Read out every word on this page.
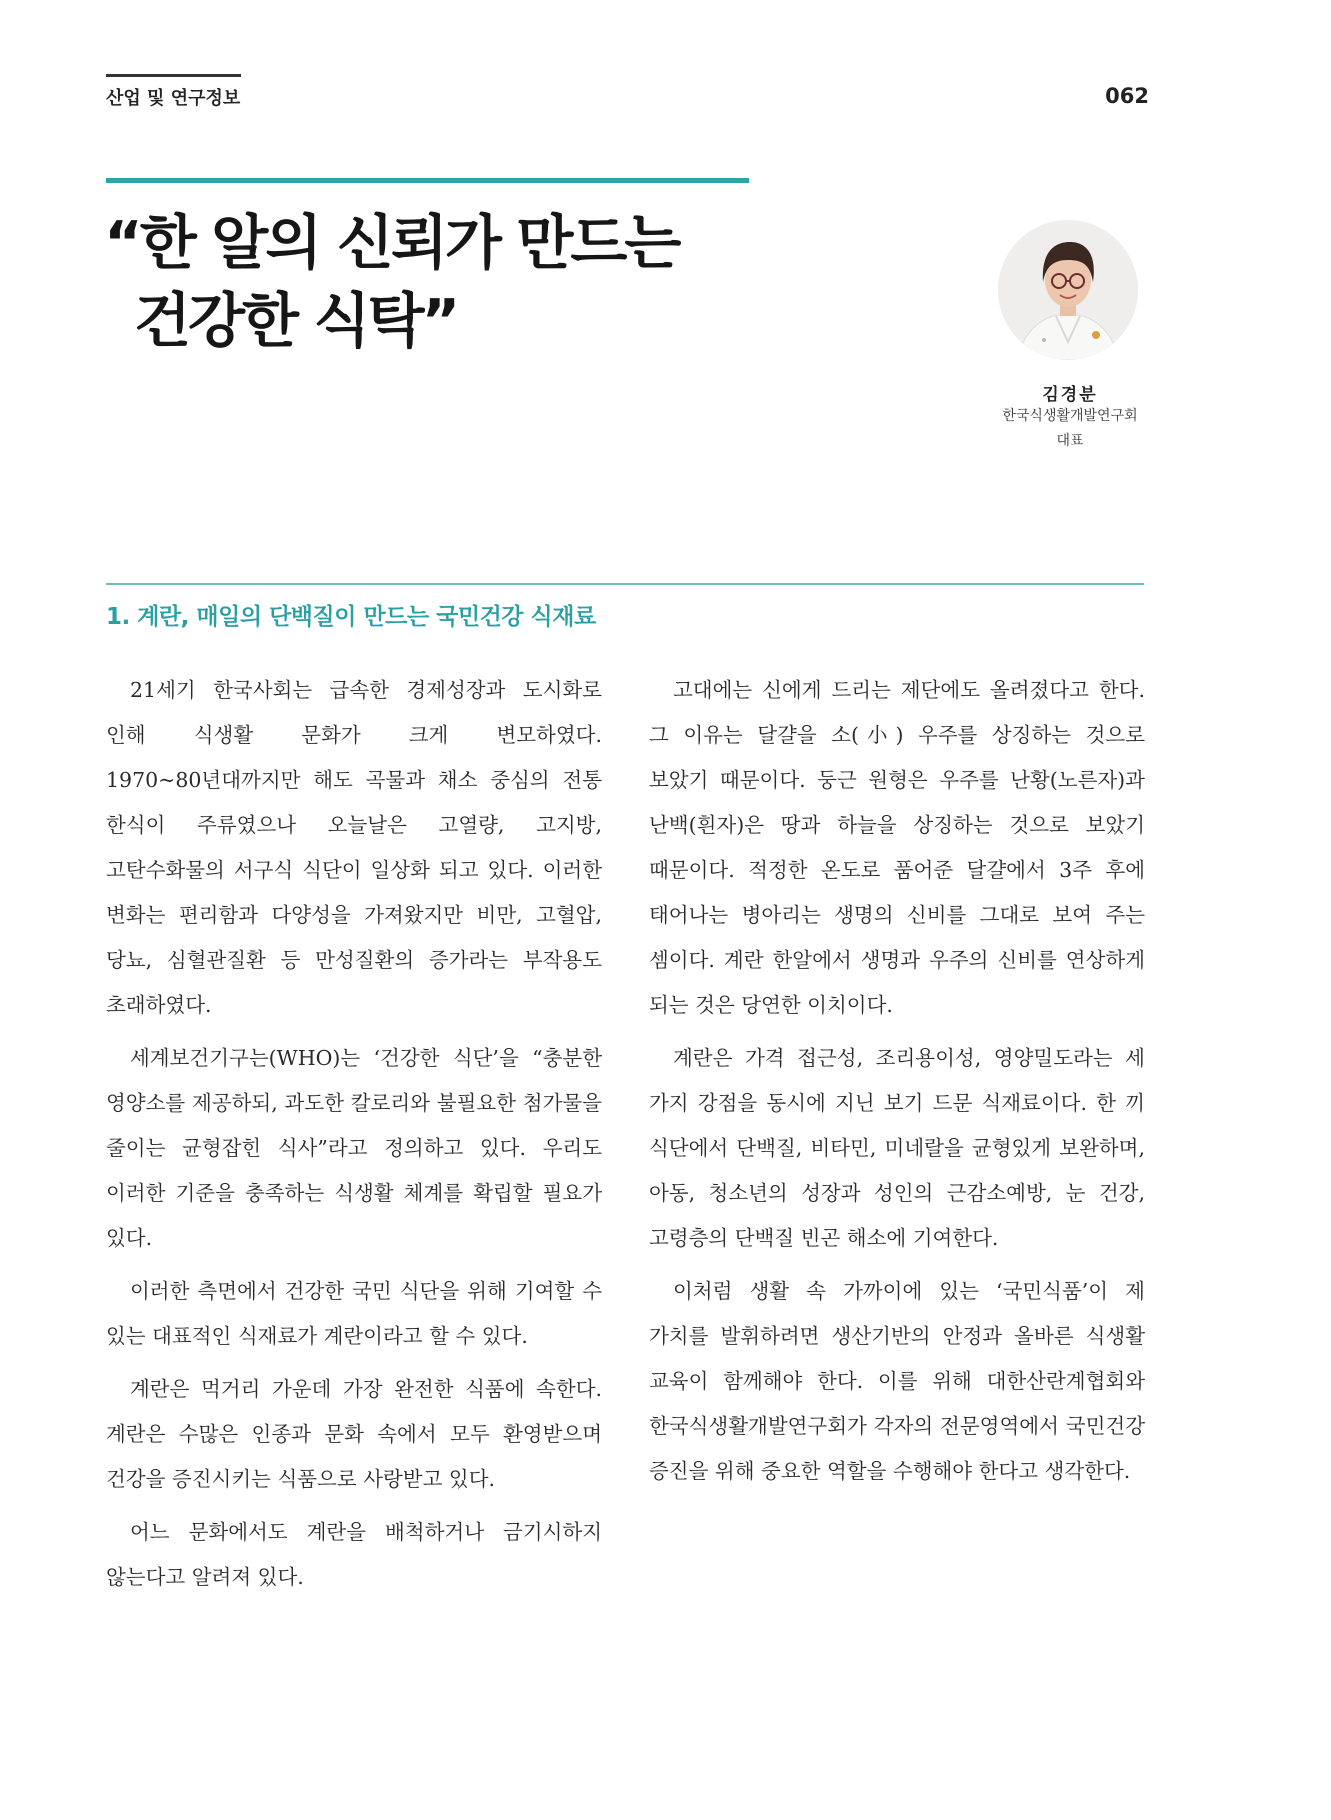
산업 및 연구정보	062
“한 알의 신뢰가 만드는
건강한 식탁”
김경분
한국식생활개발연구회
대표
1. 계란, 매일의 단백질이 만드는 국민건강 식재료

21세기 한국사회는 급속한 경제성장과 도시화로 인해 식생활 문화가 크게 변모하였다. 1970~80년대까지만 해도 곡물과 채소 중심의 전통 한식이 주류였으나 오늘날은 고열량, 고지방, 고탄수화물의 서구식 식단이 일상화 되고 있다. 이러한 변화는 편리함과 다양성을 가져왔지만 비만, 고혈압, 당뇨, 심혈관질환 등 만성질환의 증가라는 부작용도 초래하였다.

세계보건기구는(WHO)는 ‘건강한 식단’을 “충분한 영양소를 제공하되, 과도한 칼로리와 불필요한 첨가물을 줄이는 균형잡힌 식사”라고 정의하고 있다. 우리도 이러한 기준을 충족하는 식생활 체계를 확립할 필요가 있다.

이러한 측면에서 건강한 국민 식단을 위해 기여할 수 있는 대표적인 식재료가 계란이라고 할 수 있다.

계란은 먹거리 가운데 가장 완전한 식품에 속한다. 계란은 수많은 인종과 문화 속에서 모두 환영받으며 건강을 증진시키는 식품으로 사랑받고 있다.

어느 문화에서도 계란을 배척하거나 금기시하지 않는다고 알려져 있다.

고대에는 신에게 드리는 제단에도 올려졌다고 한다. 그 이유는 달걀을 소(小) 우주를 상징하는 것으로 보았기 때문이다. 둥근 원형은 우주를 난황(노른자)과 난백(흰자)은 땅과 하늘을 상징하는 것으로 보았기 때문이다. 적정한 온도로 품어준 달걀에서 3주 후에 태어나는 병아리는 생명의 신비를 그대로 보여 주는 셈이다. 계란 한알에서 생명과 우주의 신비를 연상하게 되는 것은 당연한 이치이다.

계란은 가격 접근성, 조리용이성, 영양밀도라는 세 가지 강점을 동시에 지닌 보기 드문 식재료이다. 한 끼 식단에서 단백질, 비타민, 미네랄을 균형있게 보완하며, 아동, 청소년의 성장과 성인의 근감소예방, 눈 건강, 고령층의 단백질 빈곤 해소에 기여한다.

이처럼 생활 속 가까이에 있는 ‘국민식품’이 제 가치를 발휘하려면 생산기반의 안정과 올바른 식생활 교육이 함께해야 한다. 이를 위해 대한산란계협회와 한국식생활개발연구회가 각자의 전문영역에서 국민건강 증진을 위해 중요한 역할을 수행해야 한다고 생각한다.
